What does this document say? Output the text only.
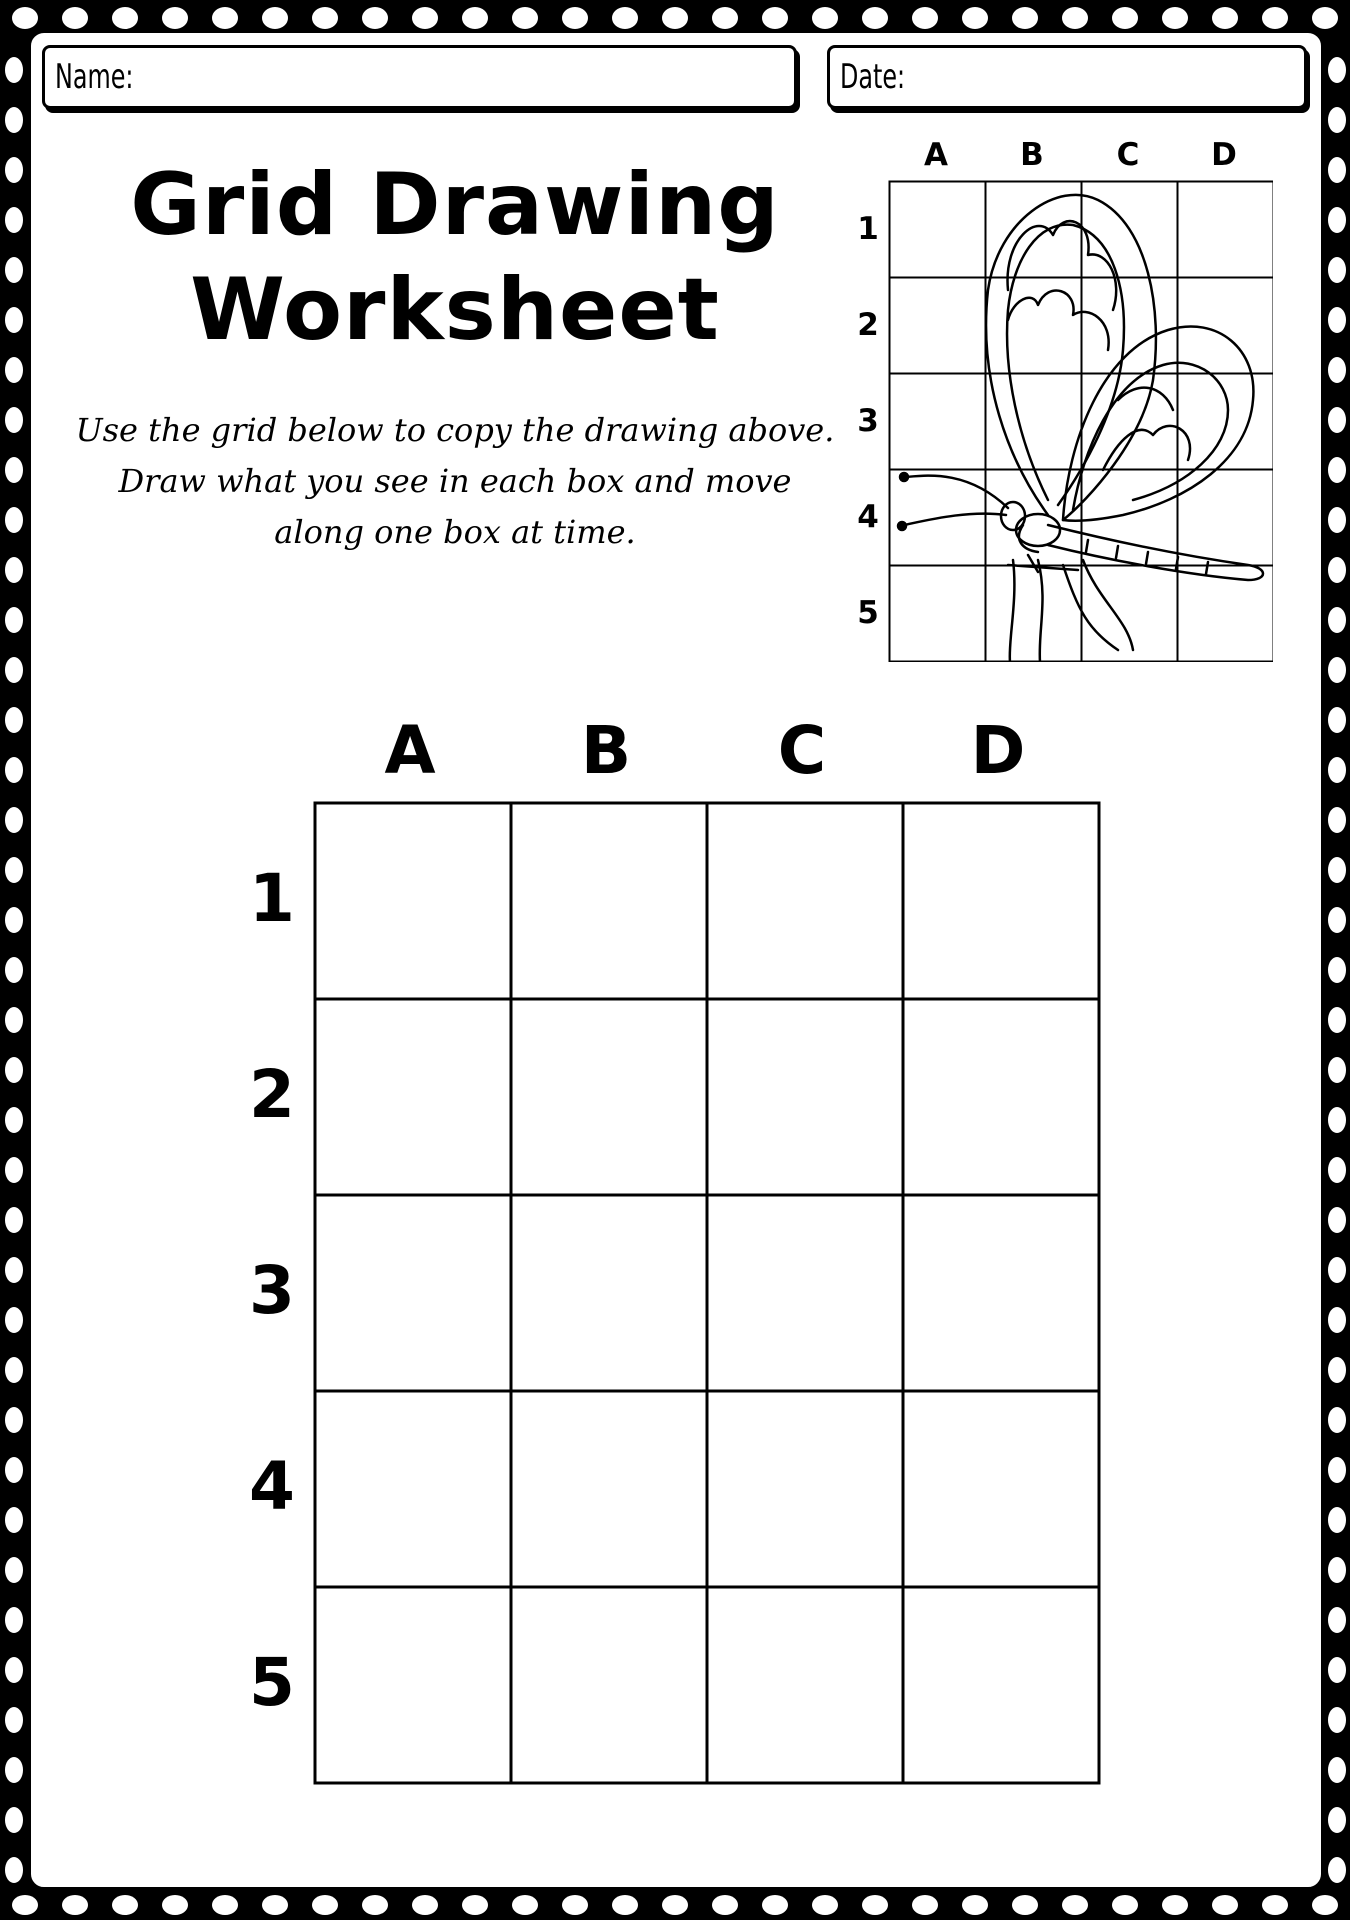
Name:	Date:
Grid Drawing
Worksheet
Use the grid below to copy the drawing above.
Draw what you see in each box and move
along one box at time.
A	B	C	D
1
2
3
4
5
A	B	C	D
1
2
3
4
5
